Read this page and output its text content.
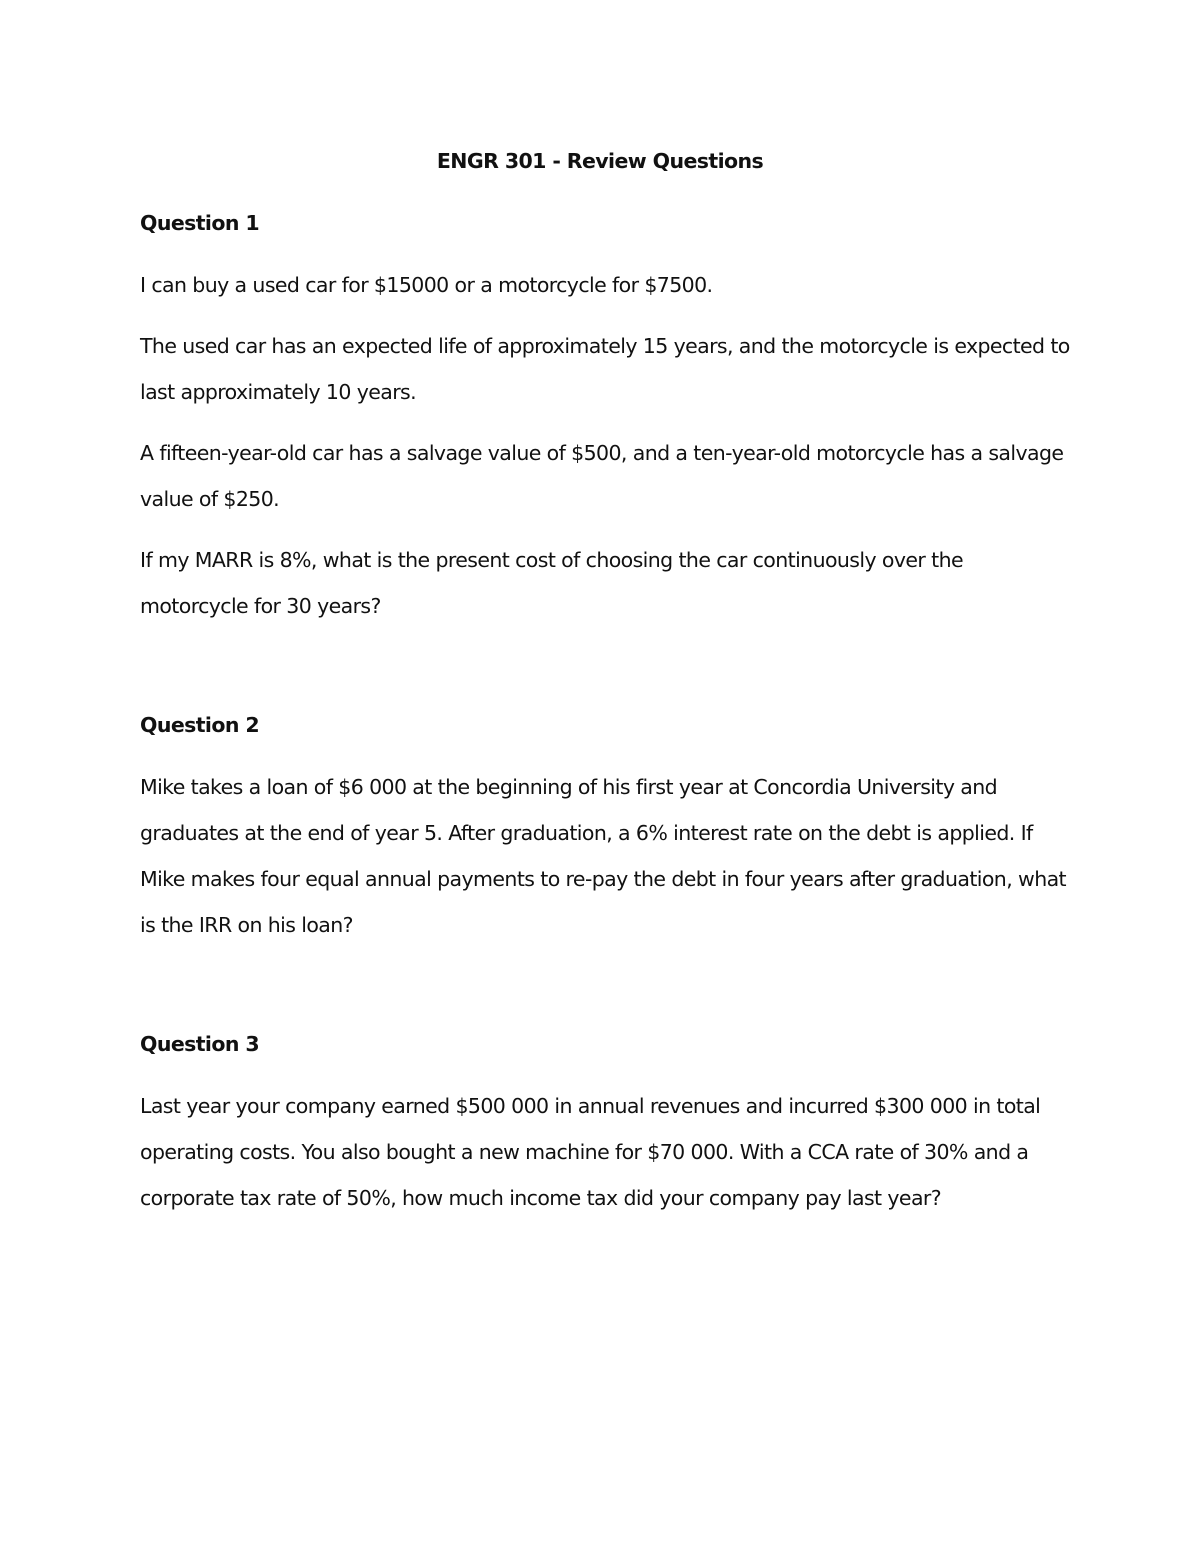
ENGR 301 - Review Questions
Question 1

I can buy a used car for $15000 or a motorcycle for $7500.

The used car has an expected life of approximately 15 years, and the motorcycle is expected to last approximately 10 years.

A fifteen-year-old car has a salvage value of $500, and a ten-year-old motorcycle has a salvage value of $250.

If my MARR is 8%, what is the present cost of choosing the car continuously over the motorcycle for 30 years?

Question 2

Mike takes a loan of $6 000 at the beginning of his first year at Concordia University and graduates at the end of year 5. After graduation, a 6% interest rate on the debt is applied. If Mike makes four equal annual payments to re-pay the debt in four years after graduation, what is the IRR on his loan?

Question 3

Last year your company earned $500 000 in annual revenues and incurred $300 000 in total operating costs. You also bought a new machine for $70 000. With a CCA rate of 30% and a corporate tax rate of 50%, how much income tax did your company pay last year?
